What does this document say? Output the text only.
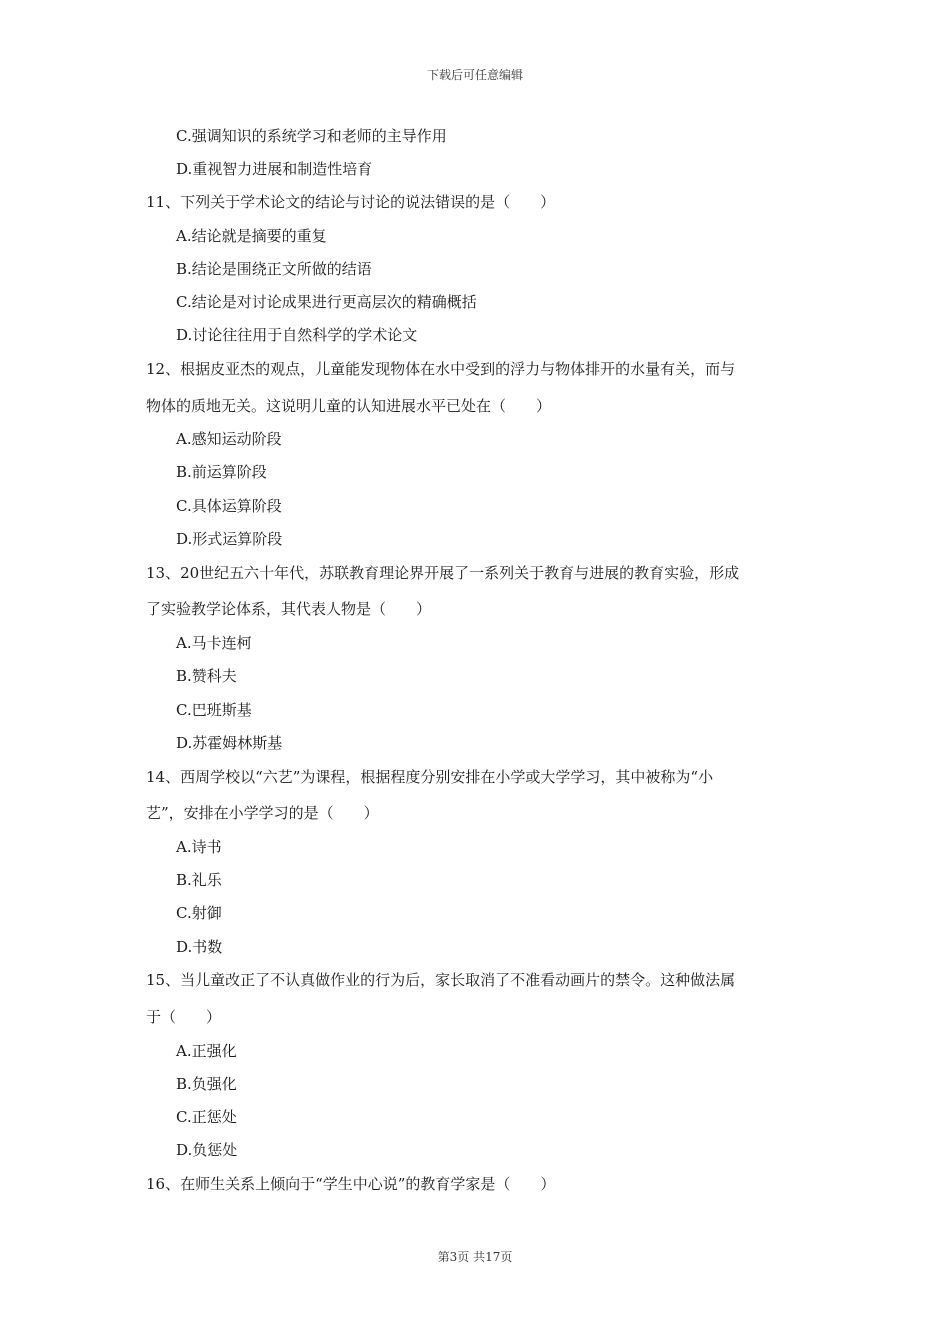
下载后可任意编辑
C.强调知识的系统学习和老师的主导作用
D.重视智力进展和制造性培育
11、下列关于学术论文的结论与讨论的说法错误的是（　　）
A.结论就是摘要的重复
B.结论是围绕正文所做的结语
C.结论是对讨论成果进行更高层次的精确概括
D.讨论往往用于自然科学的学术论文
12、根据皮亚杰的观点，儿童能发现物体在水中受到的浮力与物体排开的水量有关，而与
物体的质地无关。这说明儿童的认知进展水平已处在（　　）
A.感知运动阶段
B.前运算阶段
C.具体运算阶段
D.形式运算阶段
13、20世纪五六十年代，苏联教育理论界开展了一系列关于教育与进展的教育实验，形成
了实验教学论体系，其代表人物是（　　）
A.马卡连柯
B.赞科夫
C.巴班斯基
D.苏霍姆林斯基
14、西周学校以“六艺”为课程，根据程度分别安排在小学或大学学习，其中被称为“小
艺”，安排在小学学习的是（　　）
A.诗书
B.礼乐
C.射御
D.书数
15、当儿童改正了不认真做作业的行为后，家长取消了不准看动画片的禁令。这种做法属
于（　　）
A.正强化
B.负强化
C.正惩处
D.负惩处
16、在师生关系上倾向于“学生中心说”的教育学家是（　　）
第3页 共17页
